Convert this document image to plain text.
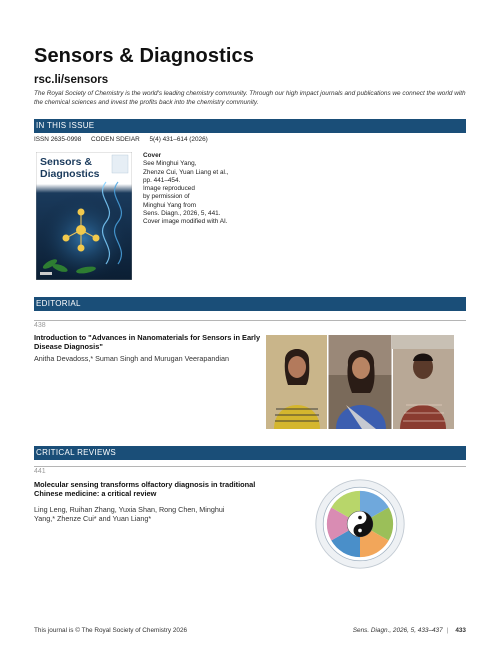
Sensors & Diagnostics
rsc.li/sensors
The Royal Society of Chemistry is the world's leading chemistry community. Through our high impact journals and publications we connect the world with the chemical sciences and invest the profits back into the chemistry community.
IN THIS ISSUE
ISSN 2635-0998 CODEN SDEIAR 5(4) 431–614 (2026)
Sensors &
Diagnostics
Cover
See Minghui Yang,
Zhenze Cui, Yuan Liang et al.,
pp. 441–454.
Image reproduced
by permission of
Minghui Yang from
Sens. Diagn., 2026, 5, 441.
Cover image modified with AI.
EDITORIAL
438
Introduction to "Advances in Nanomaterials for Sensors in Early Disease Diagnosis"
Anitha Devadoss,* Suman Singh and Murugan Veerapandian
CRITICAL REVIEWS
441
Molecular sensing transforms olfactory diagnosis in traditional Chinese medicine: a critical review
Ling Leng, Ruihan Zhang, Yuxia Shan, Rong Chen, Minghui Yang,* Zhenze Cui* and Yuan Liang*
This journal is © The Royal Society of Chemistry 2026	Sens. Diagn., 2026, 5, 433–437 | 433
